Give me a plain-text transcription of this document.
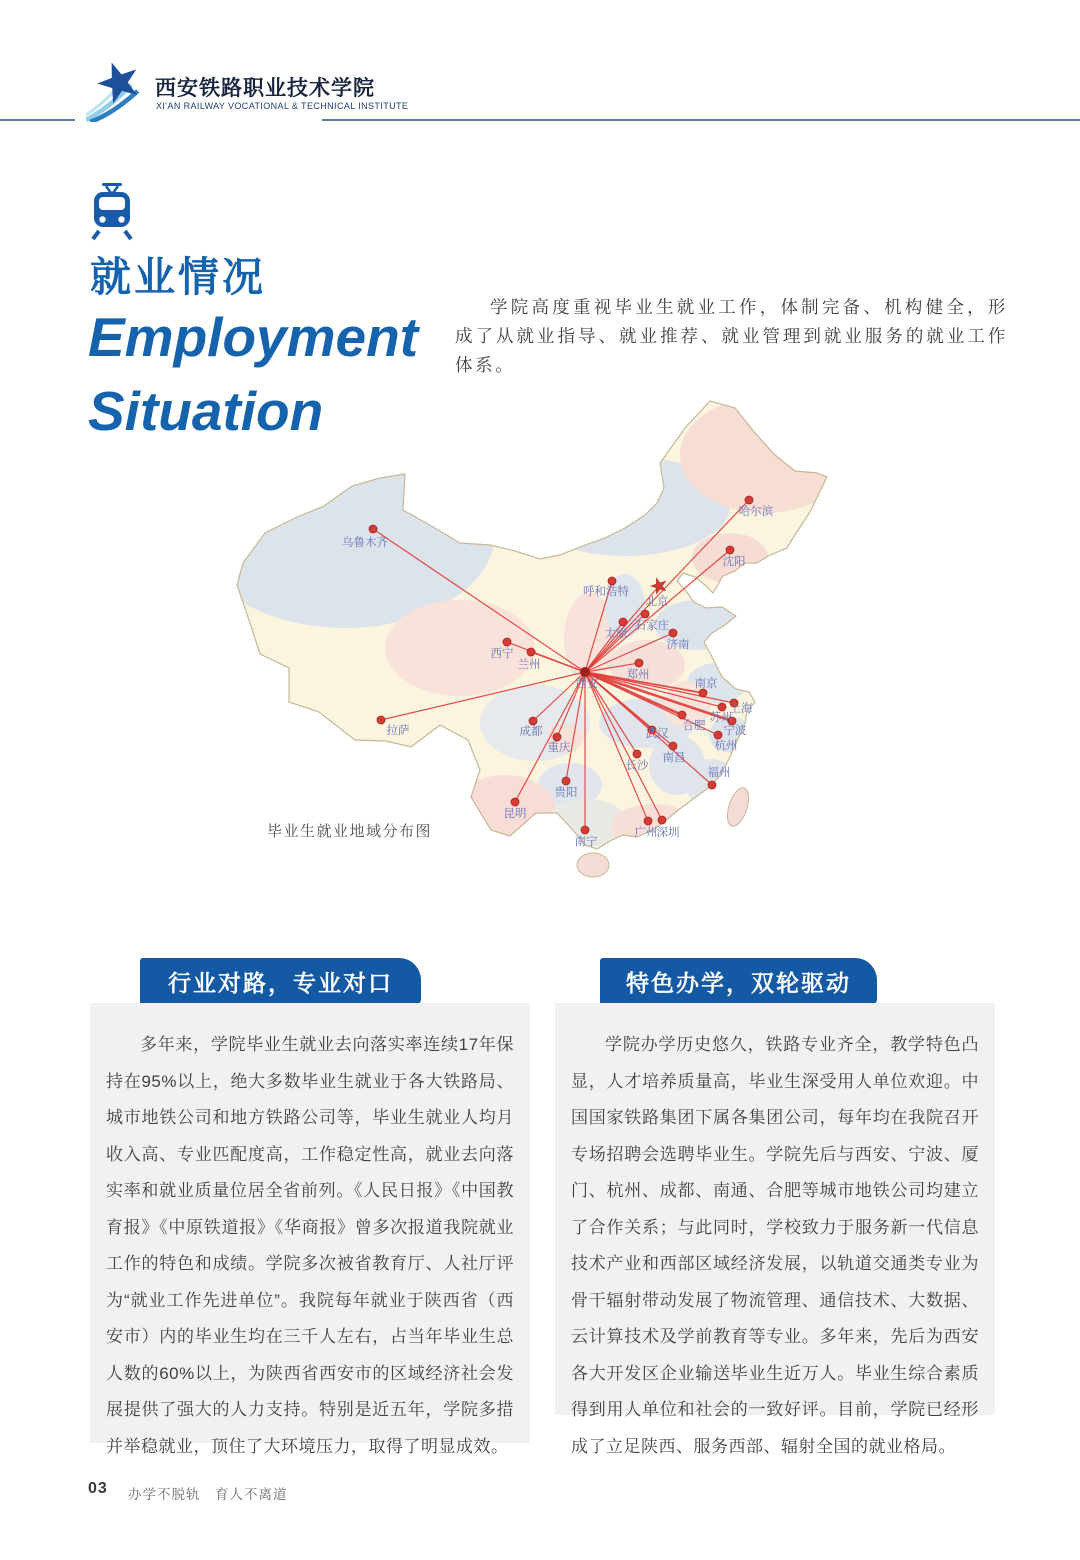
西安铁路职业技术学院
XI'AN RAILWAY VOCATIONAL & TECHNICAL INSTITUTE
就业情况
Employment
Situation

学院高度重视毕业生就业工作，体制完备、机构健全，形成了从就业指导、就业推荐、就业管理到就业服务的就业工作体系。

西安
乌鲁木齐
拉萨
西宁
兰州
成都
重庆
昆明
贵阳
南宁
广州 深圳
长沙
南昌
福州
杭州
宁波
上海
苏州
南京
合肥
武汉
郑州
济南
石家庄
太原
北京
呼和浩特
沈阳
哈尔滨
毕业生就业地域分布图
行业对路，专业对口	特色办学，双轮驱动

多年来，学院毕业生就业去向落实率连续17年保持在95%以上，绝大多数毕业生就业于各大铁路局、城市地铁公司和地方铁路公司等，毕业生就业人均月收入高、专业匹配度高，工作稳定性高，就业去向落实率和就业质量位居全省前列。《人民日报》《中国教育报》《中原铁道报》《华商报》曾多次报道我院就业工作的特色和成绩。学院多次被省教育厅、人社厅评为“就业工作先进单位”。我院每年就业于陕西省（西安市）内的毕业生均在三千人左右，占当年毕业生总人数的60%以上，为陕西省西安市的区域经济社会发展提供了强大的人力支持。特别是近五年，学院多措并举稳就业，顶住了大环境压力，取得了明显成效。

学院办学历史悠久，铁路专业齐全，教学特色凸显，人才培养质量高，毕业生深受用人单位欢迎。中国国家铁路集团下属各集团公司，每年均在我院召开专场招聘会选聘毕业生。学院先后与西安、宁波、厦门、杭州、成都、南通、合肥等城市地铁公司均建立了合作关系；与此同时，学校致力于服务新一代信息技术产业和西部区域经济发展，以轨道交通类专业为骨干辐射带动发展了物流管理、通信技术、大数据、云计算技术及学前教育等专业。多年来，先后为西安各大开发区企业输送毕业生近万人。毕业生综合素质得到用人单位和社会的一致好评。目前，学院已经形成了立足陕西、服务西部、辐射全国的就业格局。

03 办学不脱轨　育人不离道
